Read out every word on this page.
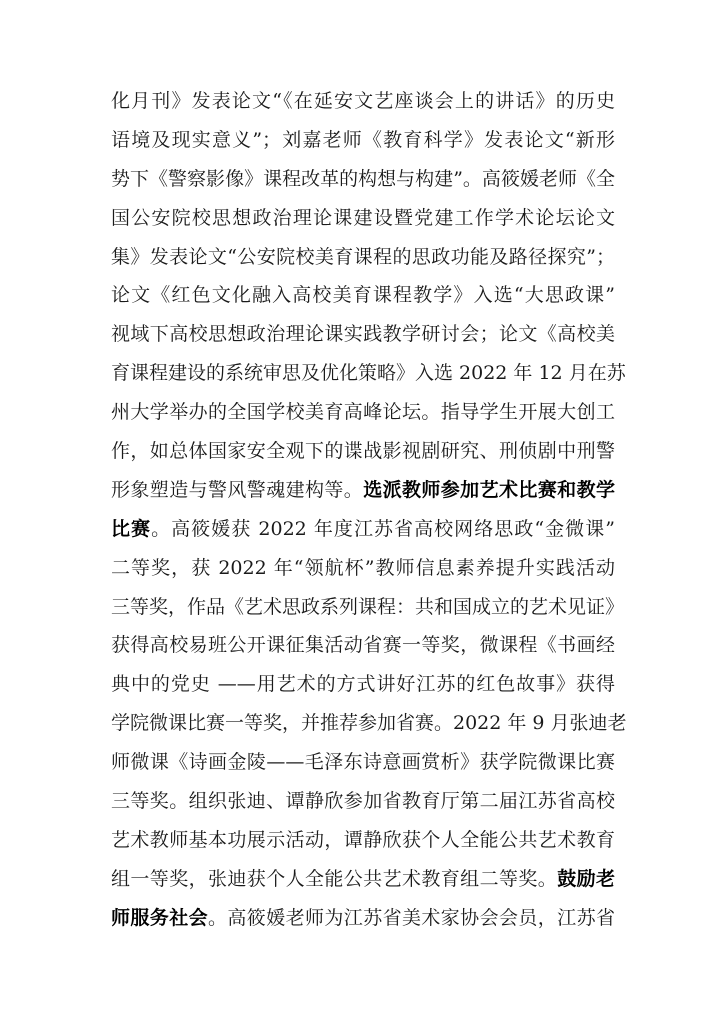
化月刊》发表论文“《在延安文艺座谈会上的讲话》的历史
语境及现实意义”；刘嘉老师《教育科学》发表论文“新形
势下《警察影像》课程改革的构想与构建”。高筱媛老师《全
国公安院校思想政治理论课建设暨党建工作学术论坛论文
集》发表论文“公安院校美育课程的思政功能及路径探究”；
论文《红色文化融入高校美育课程教学》入选“大思政课”
视域下高校思想政治理论课实践教学研讨会；论文《高校美
育课程建设的系统审思及优化策略》入选 2022 年 12 月在苏
州大学举办的全国学校美育高峰论坛。指导学生开展大创工
作，如总体国家安全观下的谍战影视剧研究、刑侦剧中刑警
形象塑造与警风警魂建构等。选派教师参加艺术比赛和教学
比赛。高筱媛获 2022 年度江苏省高校网络思政“金微课”
二等奖，获 2022 年“领航杯”教师信息素养提升实践活动
三等奖，作品《艺术思政系列课程：共和国成立的艺术见证》
获得高校易班公开课征集活动省赛一等奖，微课程《书画经
典中的党史 ——用艺术的方式讲好江苏的红色故事》获得
学院微课比赛一等奖，并推荐参加省赛。2022 年 9 月张迪老
师微课《诗画金陵——毛泽东诗意画赏析》获学院微课比赛
三等奖。组织张迪、谭静欣参加省教育厅第二届江苏省高校
艺术教师基本功展示活动，谭静欣获个人全能公共艺术教育
组一等奖，张迪获个人全能公共艺术教育组二等奖。鼓励老
师服务社会。高筱媛老师为江苏省美术家协会会员，江苏省
